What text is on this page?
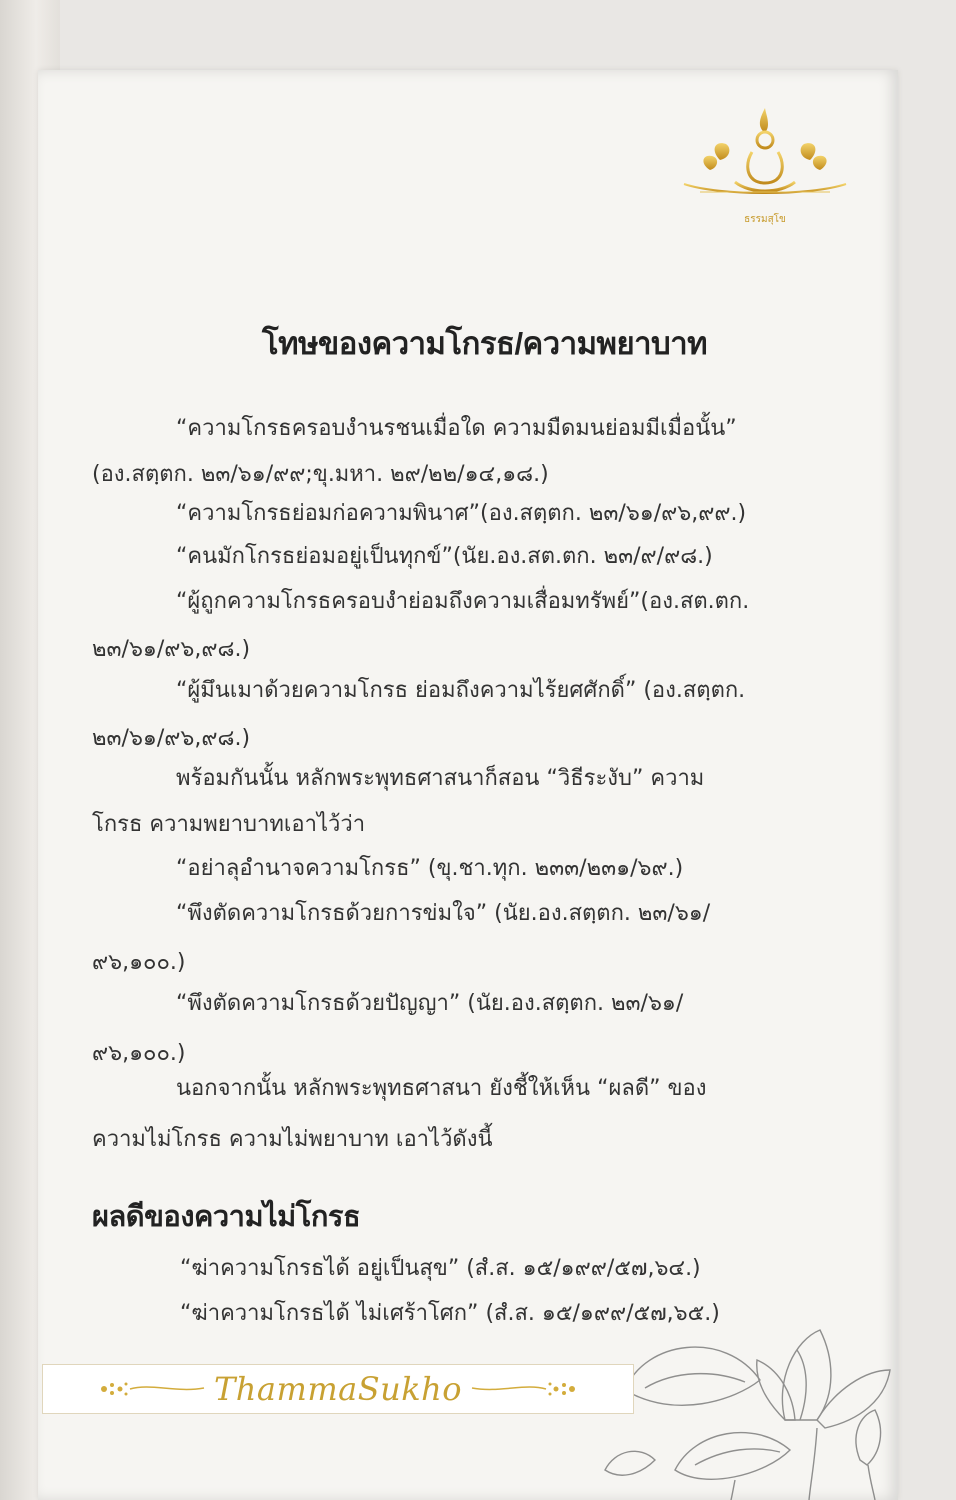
ธรรมสุโข
โทษของความโกรธ/ความพยาบาท
“ความโกรธครอบงำนรชนเมื่อใด ความมืดมนย่อมมีเมื่อนั้น”
(อง.สตฺตก. ๒๓/๖๑/๙๙;ขุ.มหา. ๒๙/๒๒/๑๔,๑๘.)
“ความโกรธย่อมก่อความพินาศ”(อง.สตฺตก. ๒๓/๖๑/๙๖,๙๙.)
“คนมักโกรธย่อมอยู่เป็นทุกข์”(นัย.อง.สต.ตก. ๒๓/๙/๙๘.)
“ผู้ถูกความโกรธครอบงำย่อมถึงความเสื่อมทรัพย์”(อง.สต.ตก.
๒๓/๖๑/๙๖,๙๘.)
“ผู้มึนเมาด้วยความโกรธ ย่อมถึงความไร้ยศศักดิ์” (อง.สตฺตก.
๒๓/๖๑/๙๖,๙๘.)
พร้อมกันนั้น หลักพระพุทธศาสนาก็สอน “วิธีระงับ” ความ
โกรธ ความพยาบาทเอาไว้ว่า
“อย่าลุอำนาจความโกรธ” (ขุ.ชา.ทุก. ๒๓๓/๒๓๑/๖๙.)
“พึงตัดความโกรธด้วยการข่มใจ” (นัย.อง.สตฺตก. ๒๓/๖๑/
๙๖,๑๐๐.)
“พึงตัดความโกรธด้วยปัญญา” (นัย.อง.สตฺตก. ๒๓/๖๑/
๙๖,๑๐๐.)
นอกจากนั้น หลักพระพุทธศาสนา ยังชี้ให้เห็น “ผลดี” ของ
ความไม่โกรธ ความไม่พยาบาท เอาไว้ดังนี้
ผลดีของความไม่โกรธ
“ฆ่าความโกรธได้ อยู่เป็นสุข” (สํ.ส. ๑๕/๑๙๙/๕๗,๖๔.)
“ฆ่าความโกรธได้ ไม่เศร้าโศก” (สํ.ส. ๑๕/๑๙๙/๕๗,๖๕.)
ThammaSukho
